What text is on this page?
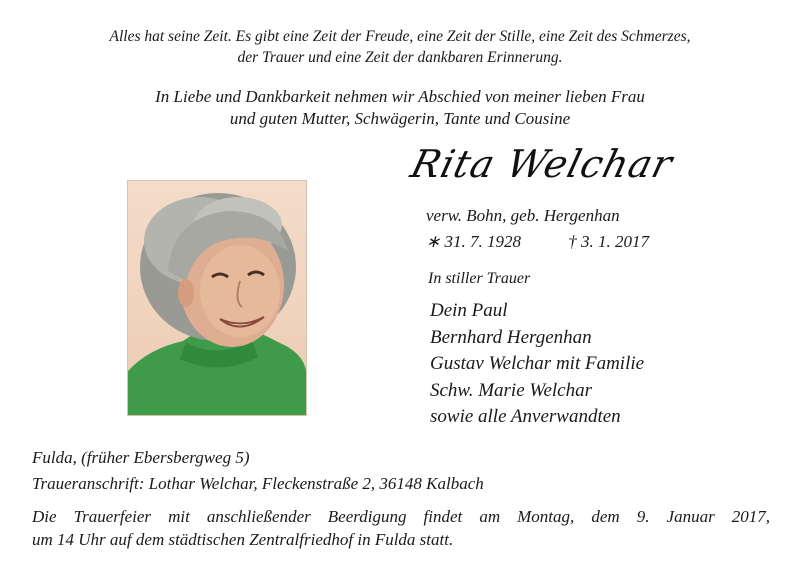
Alles hat seine Zeit. Es gibt eine Zeit der Freude, eine Zeit der Stille, eine Zeit des Schmerzes,
der Trauer und eine Zeit der dankbaren Erinnerung.
In Liebe und Dankbarkeit nehmen wir Abschied von meiner lieben Frau
und guten Mutter, Schwägerin, Tante und Cousine
Rita Welchar
verw. Bohn, geb. Hergenhan
∗ 31. 7. 1928	† 3. 1. 2017
In stiller Trauer
Dein Paul
Bernhard Hergenhan
Gustav Welchar mit Familie
Schw. Marie Welchar
sowie alle Anverwandten
Fulda, (früher Ebersbergweg 5)
Traueranschrift: Lothar Welchar, Fleckenstraße 2, 36148 Kalbach
Die Trauerfeier mit anschließender Beerdigung findet am Montag, dem 9. Januar 2017,
um 14 Uhr auf dem städtischen Zentralfriedhof in Fulda statt.
